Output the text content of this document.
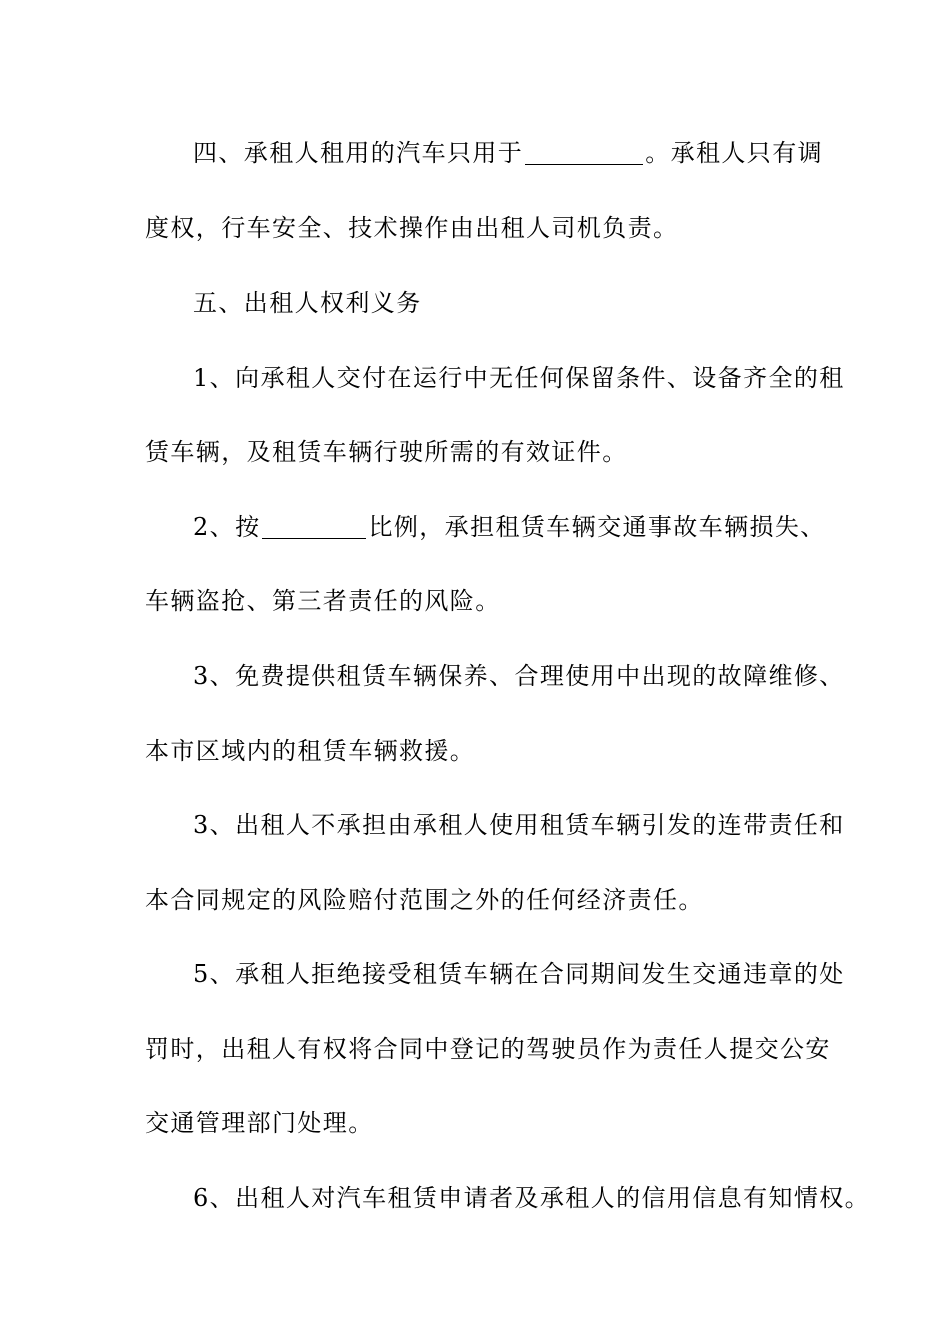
四、承租人租用的汽车只用于	。承租人只有调
度权，行车安全、技术操作由出租人司机负责。
五、出租人权利义务
1、向承租人交付在运行中无任何保留条件、设备齐全的租
赁车辆，及租赁车辆行驶所需的有效证件。
2、按	比例，承担租赁车辆交通事故车辆损失、
车辆盗抢、第三者责任的风险。
3、免费提供租赁车辆保养、合理使用中出现的故障维修、
本市区域内的租赁车辆救援。
3、出租人不承担由承租人使用租赁车辆引发的连带责任和
本合同规定的风险赔付范围之外的任何经济责任。
5、承租人拒绝接受租赁车辆在合同期间发生交通违章的处
罚时，出租人有权将合同中登记的驾驶员作为责任人提交公安
交通管理部门处理。
6、出租人对汽车租赁申请者及承租人的信用信息有知情权。
